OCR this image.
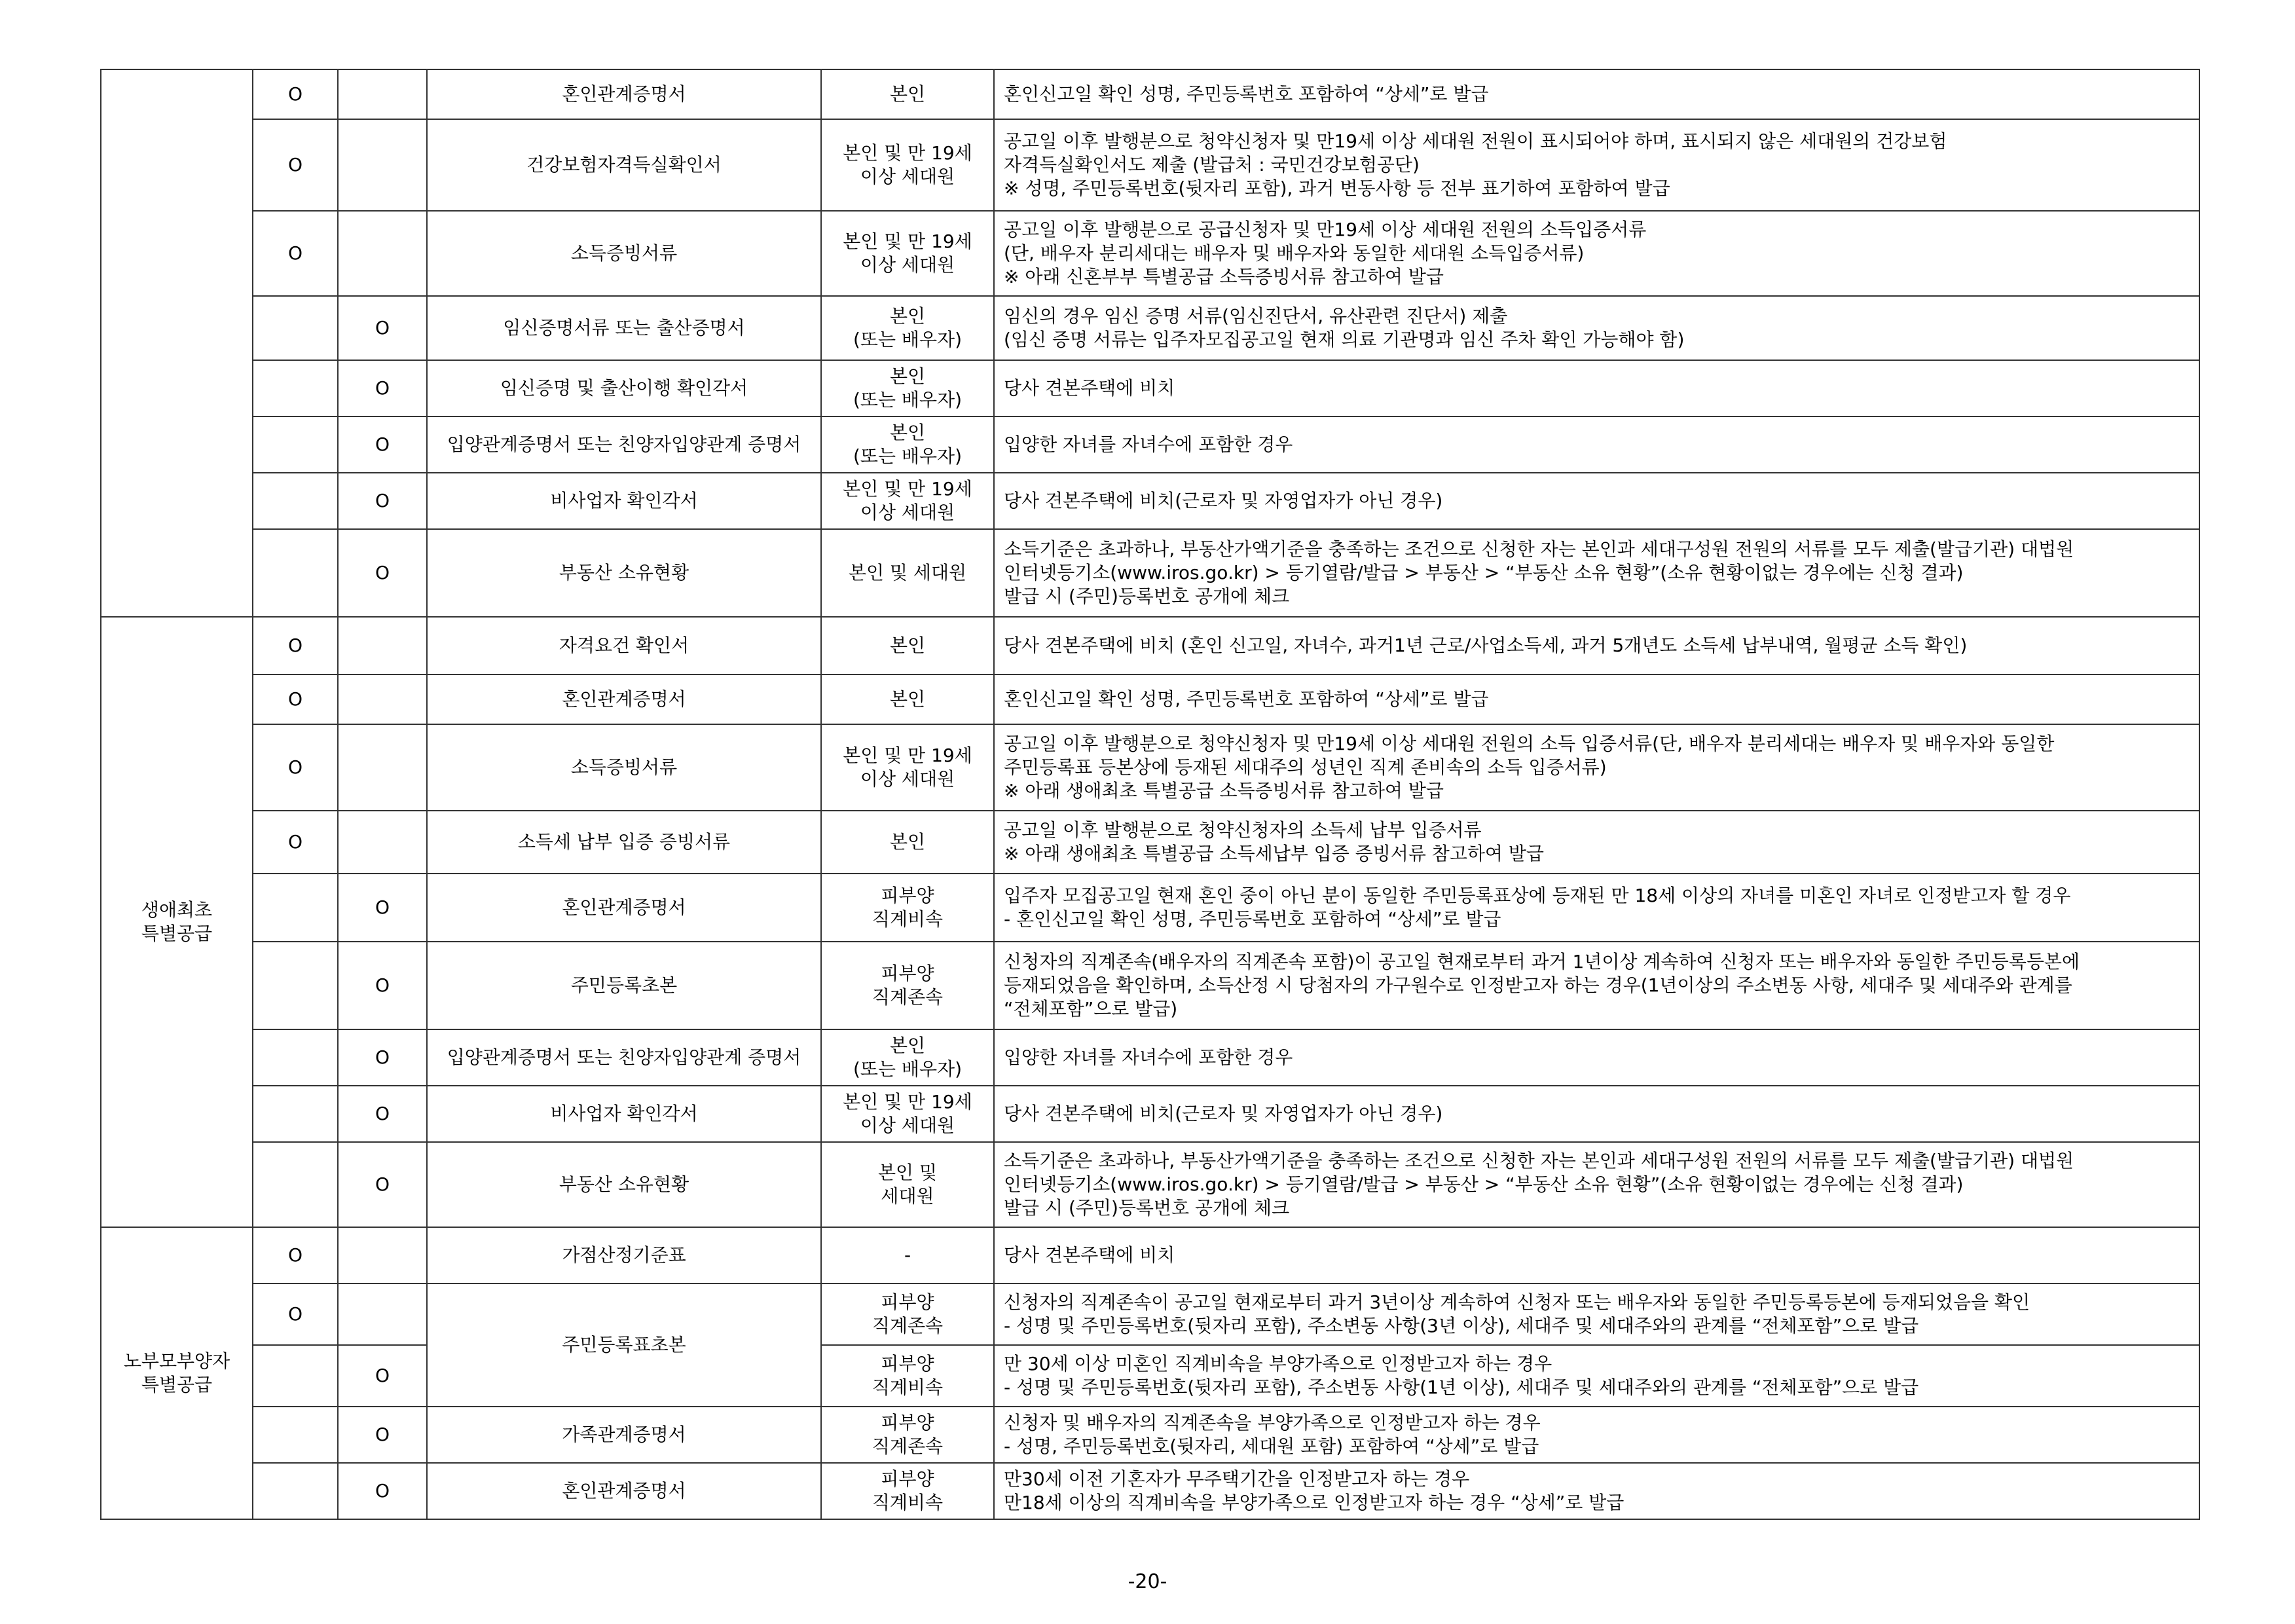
	O		혼인관계증명서	본인	혼인신고일 확인 성명, 주민등록번호 포함하여 “상세”로 발급
	O		건강보험자격득실확인서	본인 및 만 19세
이상 세대원	공고일 이후 발행분으로 청약신청자 및 만19세 이상 세대원 전원이 표시되어야 하며, 표시되지 않은 세대원의 건강보험
자격득실확인서도 제출 (발급처 : 국민건강보험공단)
※ 성명, 주민등록번호(뒷자리 포함), 과거 변동사항 등 전부 표기하여 포함하여 발급
	O		소득증빙서류	본인 및 만 19세
이상 세대원	공고일 이후 발행분으로 공급신청자 및 만19세 이상 세대원 전원의 소득입증서류
(단, 배우자 분리세대는 배우자 및 배우자와 동일한 세대원 소득입증서류)
※ 아래 신혼부부 특별공급 소득증빙서류 참고하여 발급
		O	임신증명서류 또는 출산증명서	본인
(또는 배우자)	임신의 경우 임신 증명 서류(임신진단서, 유산관련 진단서) 제출
(임신 증명 서류는 입주자모집공고일 현재 의료 기관명과 임신 주차 확인 가능해야 함)
		O	임신증명 및 출산이행 확인각서	본인
(또는 배우자)	당사 견본주택에 비치
		O	입양관계증명서 또는 친양자입양관계 증명서	본인
(또는 배우자)	입양한 자녀를 자녀수에 포함한 경우
		O	비사업자 확인각서	본인 및 만 19세
이상 세대원	당사 견본주택에 비치(근로자 및 자영업자가 아닌 경우)
		O	부동산 소유현황	본인 및 세대원	소득기준은 초과하나, 부동산가액기준을 충족하는 조건으로 신청한 자는 본인과 세대구성원 전원의 서류를 모두 제출(발급기관) 대법원
인터넷등기소(www.iros.go.kr) > 등기열람/발급 > 부동산 > “부동산 소유 현황”(소유 현황이없는 경우에는 신청 결과)
발급 시 (주민)등록번호 공개에 체크
생애최초
특별공급	O		자격요건 확인서	본인	당사 견본주택에 비치 (혼인 신고일, 자녀수, 과거1년 근로/사업소득세, 과거 5개년도 소득세 납부내역, 월평균 소득 확인)
	O		혼인관계증명서	본인	혼인신고일 확인 성명, 주민등록번호 포함하여 “상세”로 발급
	O		소득증빙서류	본인 및 만 19세
이상 세대원	공고일 이후 발행분으로 청약신청자 및 만19세 이상 세대원 전원의 소득 입증서류(단, 배우자 분리세대는 배우자 및 배우자와 동일한
주민등록표 등본상에 등재된 세대주의 성년인 직계 존비속의 소득 입증서류)
※ 아래 생애최초 특별공급 소득증빙서류 참고하여 발급
	O		소득세 납부 입증 증빙서류	본인	공고일 이후 발행분으로 청약신청자의 소득세 납부 입증서류
※ 아래 생애최초 특별공급 소득세납부 입증 증빙서류 참고하여 발급
		O	혼인관계증명서	피부양
직계비속	입주자 모집공고일 현재 혼인 중이 아닌 분이 동일한 주민등록표상에 등재된 만 18세 이상의 자녀를 미혼인 자녀로 인정받고자 할 경우
- 혼인신고일 확인 성명, 주민등록번호 포함하여 “상세”로 발급
		O	주민등록초본	피부양
직계존속	신청자의 직계존속(배우자의 직계존속 포함)이 공고일 현재로부터 과거 1년이상 계속하여 신청자 또는 배우자와 동일한 주민등록등본에
등재되었음을 확인하며, 소득산정 시 당첨자의 가구원수로 인정받고자 하는 경우(1년이상의 주소변동 사항, 세대주 및 세대주와 관계를
“전체포함”으로 발급)
		O	입양관계증명서 또는 친양자입양관계 증명서	본인
(또는 배우자)	입양한 자녀를 자녀수에 포함한 경우
		O	비사업자 확인각서	본인 및 만 19세
이상 세대원	당사 견본주택에 비치(근로자 및 자영업자가 아닌 경우)
		O	부동산 소유현황	본인 및
세대원	소득기준은 초과하나, 부동산가액기준을 충족하는 조건으로 신청한 자는 본인과 세대구성원 전원의 서류를 모두 제출(발급기관) 대법원
인터넷등기소(www.iros.go.kr) > 등기열람/발급 > 부동산 > “부동산 소유 현황”(소유 현황이없는 경우에는 신청 결과)
발급 시 (주민)등록번호 공개에 체크
노부모부양자
특별공급	O		가점산정기준표	-	당사 견본주택에 비치
	O		주민등록표초본	피부양
직계존속	신청자의 직계존속이 공고일 현재로부터 과거 3년이상 계속하여 신청자 또는 배우자와 동일한 주민등록등본에 등재되었음을 확인
- 성명 및 주민등록번호(뒷자리 포함), 주소변동 사항(3년 이상), 세대주 및 세대주와의 관계를 “전체포함”으로 발급
		O		피부양
직계비속	만 30세 이상 미혼인 직계비속을 부양가족으로 인정받고자 하는 경우
- 성명 및 주민등록번호(뒷자리 포함), 주소변동 사항(1년 이상), 세대주 및 세대주와의 관계를 “전체포함”으로 발급
		O	가족관계증명서	피부양
직계존속	신청자 및 배우자의 직계존속을 부양가족으로 인정받고자 하는 경우
- 성명, 주민등록번호(뒷자리, 세대원 포함) 포함하여 “상세”로 발급
		O	혼인관계증명서	피부양
직계비속	만30세 이전 기혼자가 무주택기간을 인정받고자 하는 경우
만18세 이상의 직계비속을 부양가족으로 인정받고자 하는 경우 “상세”로 발급
-20-
